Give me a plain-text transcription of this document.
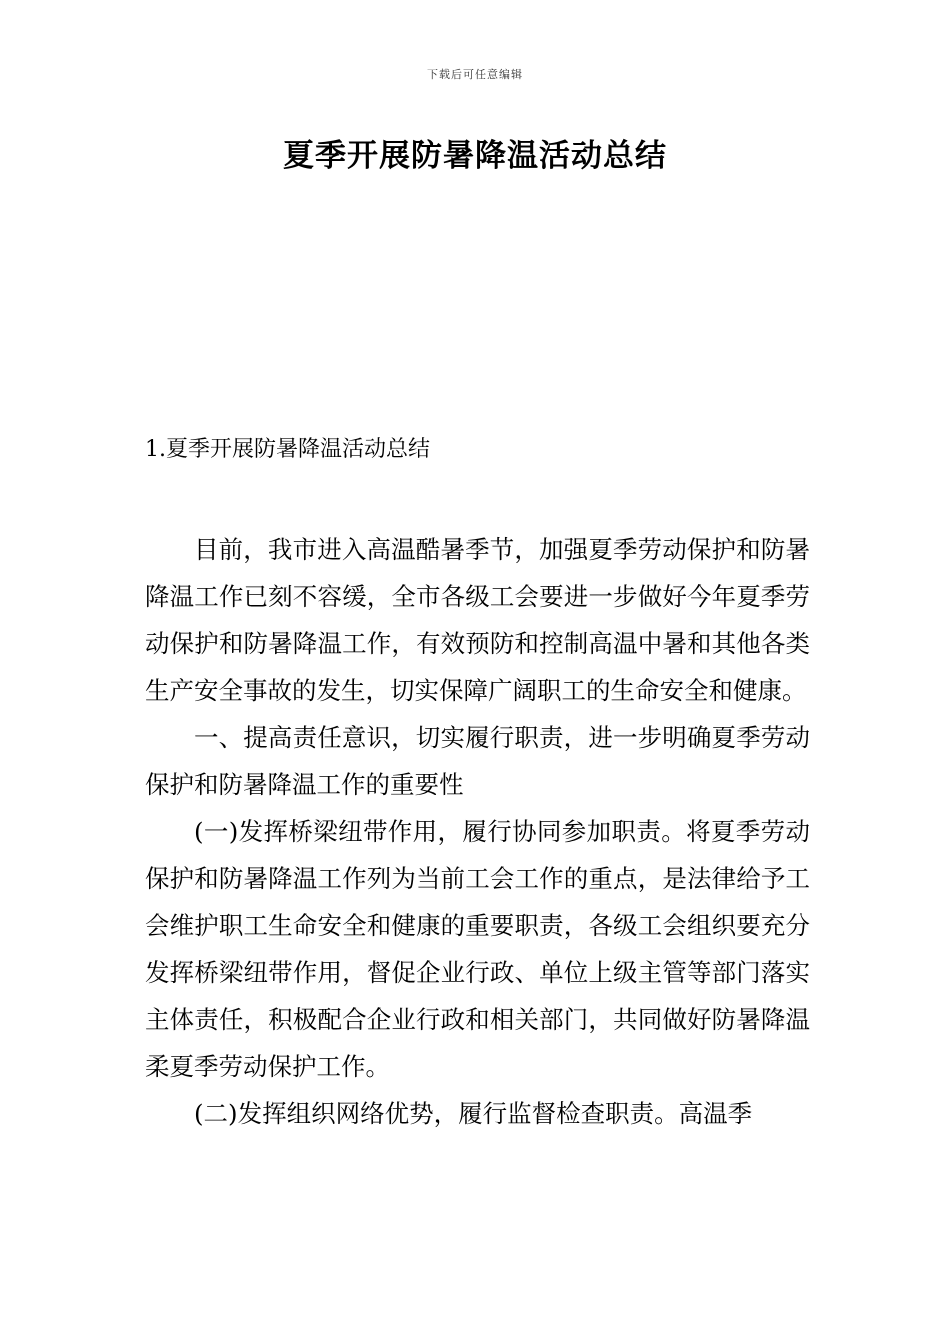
下载后可任意编辑
夏季开展防暑降温活动总结
1.夏季开展防暑降温活动总结

目前，我市进入高温酷暑季节，加强夏季劳动保护和防暑降温工作已刻不容缓，全市各级工会要进一步做好今年夏季劳动保护和防暑降温工作，有效预防和控制高温中暑和其他各类生产安全事故的发生，切实保障广阔职工的生命安全和健康。

一、提高责任意识，切实履行职责，进一步明确夏季劳动保护和防暑降温工作的重要性

(一)发挥桥梁纽带作用，履行协同参加职责。将夏季劳动保护和防暑降温工作列为当前工会工作的重点，是法律给予工会维护职工生命安全和健康的重要职责，各级工会组织要充分发挥桥梁纽带作用，督促企业行政、单位上级主管等部门落实主体责任，积极配合企业行政和相关部门，共同做好防暑降温柔夏季劳动保护工作。

(二)发挥组织网络优势，履行监督检查职责。高温季
